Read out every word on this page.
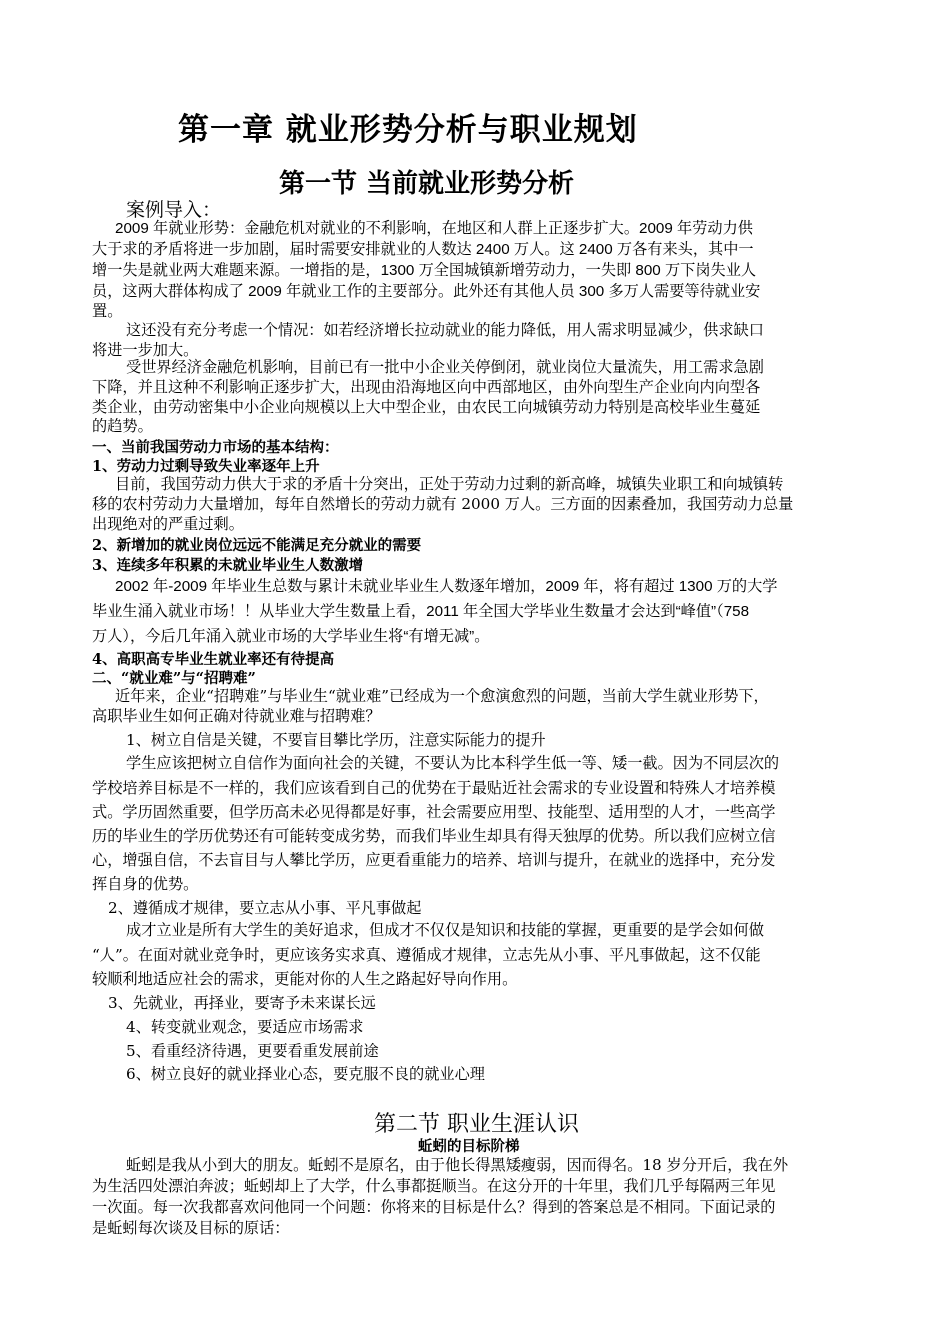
第一章 就业形势分析与职业规划
第一节 当前就业形势分析
案例导入：
2009 年就业形势：金融危机对就业的不利影响，在地区和人群上正逐步扩大。2009 年劳动力供
大于求的矛盾将进一步加剧，届时需要安排就业的人数达 2400 万人。这 2400 万各有来头，其中一
增一失是就业两大难题来源。一增指的是，1300 万全国城镇新增劳动力，一失即 800 万下岗失业人
员，这两大群体构成了 2009 年就业工作的主要部分。此外还有其他人员 300 多万人需要等待就业安
置。
这还没有充分考虑一个情况：如若经济增长拉动就业的能力降低，用人需求明显减少，供求缺口
将进一步加大。
受世界经济金融危机影响，目前已有一批中小企业关停倒闭，就业岗位大量流失，用工需求急剧
下降，并且这种不利影响正逐步扩大，出现由沿海地区向中西部地区，由外向型生产企业向内向型各
类企业，由劳动密集中小企业向规模以上大中型企业，由农民工向城镇劳动力特别是高校毕业生蔓延
的趋势。
一、当前我国劳动力市场的基本结构：
1、劳动力过剩导致失业率逐年上升
目前，我国劳动力供大于求的矛盾十分突出，正处于劳动力过剩的新高峰，城镇失业职工和向城镇转
移的农村劳动力大量增加，每年自然增长的劳动力就有 2000 万人。三方面的因素叠加，我国劳动力总量
出现绝对的严重过剩。
2、新增加的就业岗位远远不能满足充分就业的需要
3、连续多年积累的未就业毕业生人数激增
2002 年-2009 年毕业生总数与累计未就业毕业生人数逐年增加，2009 年，将有超过 1300 万的大学
毕业生涌入就业市场！！从毕业大学生数量上看，2011 年全国大学毕业生数量才会达到“峰值”（758
万人），今后几年涌入就业市场的大学毕业生将“有增无减”。
4、高职高专毕业生就业率还有待提高
二、“就业难”与“招聘难”
近年来，企业“招聘难”与毕业生“就业难”已经成为一个愈演愈烈的问题，当前大学生就业形势下，
高职毕业生如何正确对待就业难与招聘难？
1、树立自信是关键，不要盲目攀比学历，注意实际能力的提升
学生应该把树立自信作为面向社会的关键，不要认为比本科学生低一等、矮一截。因为不同层次的
学校培养目标是不一样的，我们应该看到自己的优势在于最贴近社会需求的专业设置和特殊人才培养模
式。学历固然重要，但学历高未必见得都是好事，社会需要应用型、技能型、适用型的人才，一些高学
历的毕业生的学历优势还有可能转变成劣势，而我们毕业生却具有得天独厚的优势。所以我们应树立信
心，增强自信，不去盲目与人攀比学历，应更看重能力的培养、培训与提升，在就业的选择中，充分发
挥自身的优势。
2、遵循成才规律，要立志从小事、平凡事做起
成才立业是所有大学生的美好追求，但成才不仅仅是知识和技能的掌握，更重要的是学会如何做
“人”。在面对就业竞争时，更应该务实求真、遵循成才规律，立志先从小事、平凡事做起，这不仅能
较顺利地适应社会的需求，更能对你的人生之路起好导向作用。
3、先就业，再择业，要寄予未来谋长远
4、转变就业观念，要适应市场需求
5、看重经济待遇，更要看重发展前途
6、树立良好的就业择业心态，要克服不良的就业心理
第二节 职业生涯认识
蚯蚓的目标阶梯
蚯蚓是我从小到大的朋友。蚯蚓不是原名，由于他长得黑矮瘦弱，因而得名。18 岁分开后，我在外
为生活四处漂泊奔波；蚯蚓却上了大学，什么事都挺顺当。在这分开的十年里，我们几乎每隔两三年见
一次面。每一次我都喜欢问他同一个问题：你将来的目标是什么？得到的答案总是不相同。下面记录的
是蚯蚓每次谈及目标的原话：
